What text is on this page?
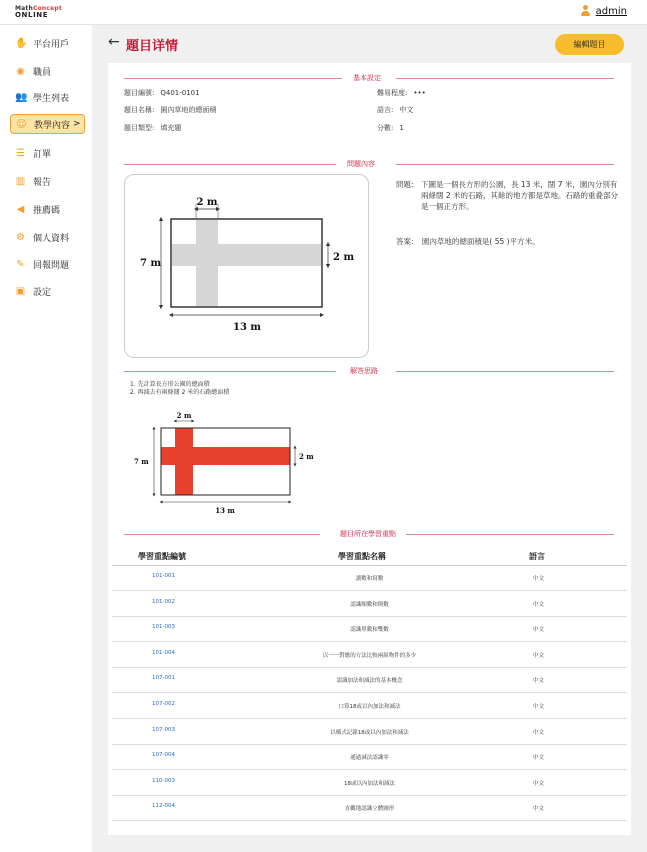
MathConcept
ONLINE	admin
✋ 平台用戶
◉ 職員
👥 學生列表
☺ 教學內容 >
☰ 訂單
▥ 報告
◀ 推薦碼
⚙ 個人資料
✎ 回報問題
▣ 設定
← 題目详情	編輯題目
基本設定
題目編號: Q401-0101
題目名稱: 園內草地的總面積
題目類型: 填充題
難易程度: •••
語言: 中文
分數: 1
問題內容
2 m
7 m
2 m
13 m
問題: 下圖是一個長方形的公園，長 13 米，闊 7 米，園內分別有兩條闊 2 米的石路，其餘的地方都是草地。石路的重叠部分是一個正方形。
答案: 園內草地的總面積是( 55 )平方米。
解答思路
1. 先計算長方形公園的總面積
2. 再減去有兩條闊 2 米的石路總面積
2 m
7 m
2 m
13 m
題目所在學習重點
學習重點編號	學習重點名稱	語言
101-001	讀數和寫數	中文
101-002	認識順數和倒數	中文
101-003	認識單數和雙數	中文
101-004	以一一對應的方法比較兩組物件的多少	中文
107-001	認識加法和減法的基本概念	中文
107-002	口算18或以內加法和減法	中文
107-003	以橫式記錄18或以內加法和減法	中文
107-004	通過減法認識零	中文
110-003	18或以內加法和減法	中文
112-004	直觀地認識立體圖形	中文
